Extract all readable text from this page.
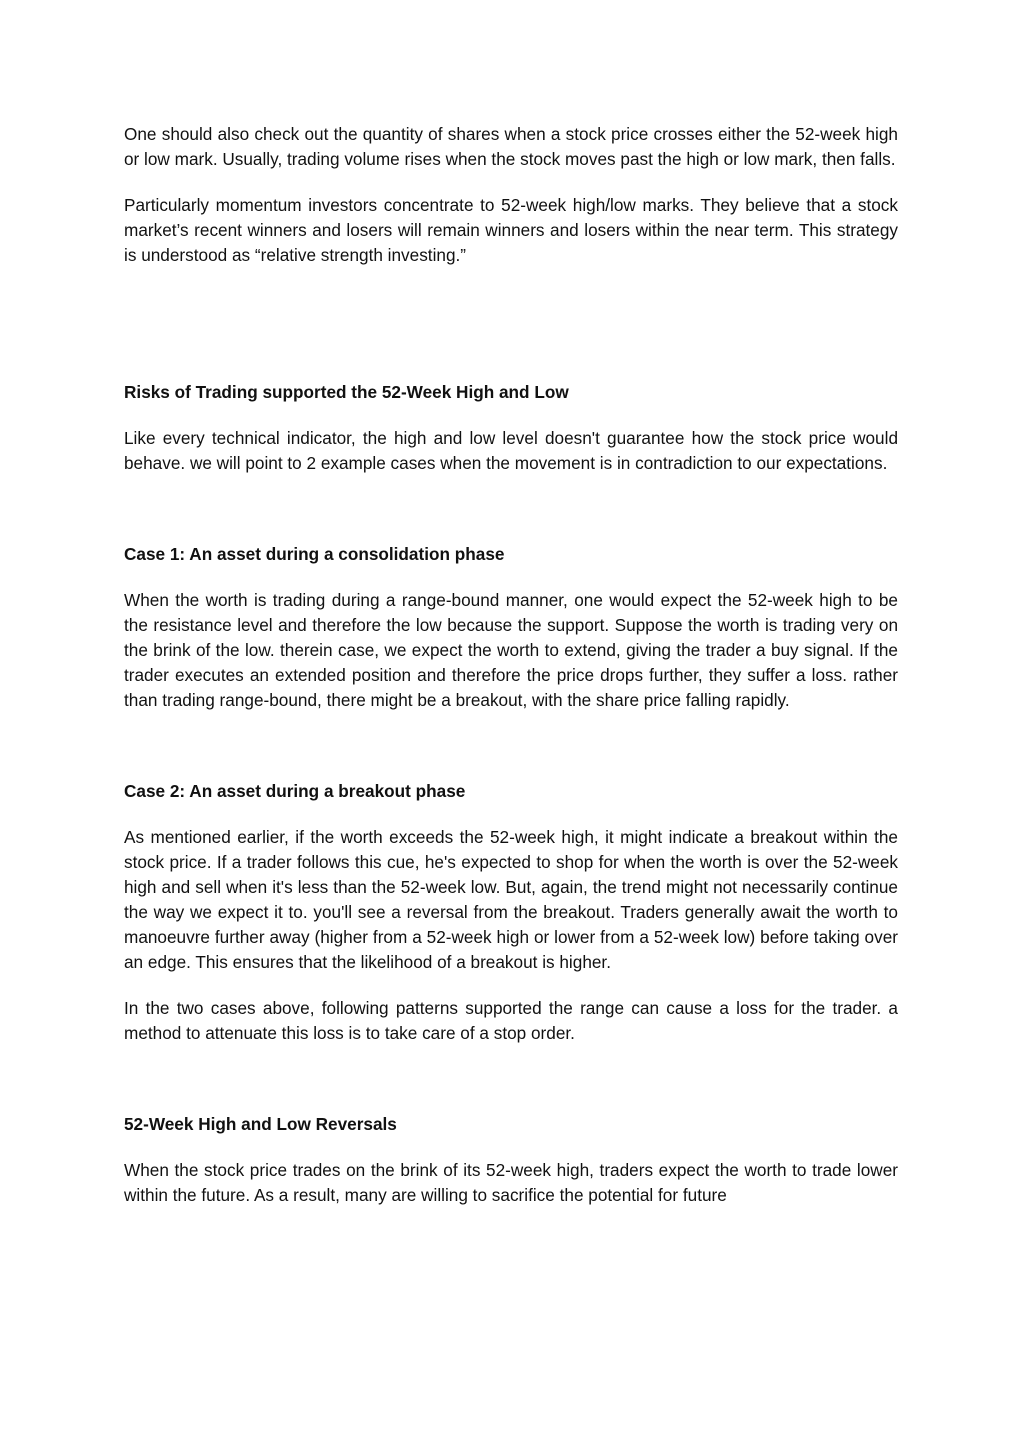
One should also check out the quantity of shares when a stock price crosses either the 52-week high or low mark. Usually, trading volume rises when the stock moves past the high or low mark, then falls.

Particularly momentum investors concentrate to 52-week high/low marks. They believe that a stock market’s recent winners and losers will remain winners and losers within the near term. This strategy is understood as “relative strength investing.”

Risks of Trading supported the 52-Week High and Low

Like every technical indicator, the high and low level doesn't guarantee how the stock price would behave. we will point to 2 example cases when the movement is in contradiction to our expectations.

Case 1: An asset during a consolidation phase

When the worth is trading during a range-bound manner, one would expect the 52-week high to be the resistance level and therefore the low because the support. Suppose the worth is trading very on the brink of the low. therein case, we expect the worth to extend, giving the trader a buy signal. If the trader executes an extended position and therefore the price drops further, they suffer a loss. rather than trading range-bound, there might be a breakout, with the share price falling rapidly.

Case 2: An asset during a breakout phase

As mentioned earlier, if the worth exceeds the 52-week high, it might indicate a breakout within the stock price. If a trader follows this cue, he's expected to shop for when the worth is over the 52-week high and sell when it's less than the 52-week low. But, again, the trend might not necessarily continue the way we expect it to. you'll see a reversal from the breakout. Traders generally await the worth to manoeuvre further away (higher from a 52-week high or lower from a 52-week low) before taking over an edge. This ensures that the likelihood of a breakout is higher.

In the two cases above, following patterns supported the range can cause a loss for the trader. a method to attenuate this loss is to take care of a stop order.

52-Week High and Low Reversals

When the stock price trades on the brink of its 52-week high, traders expect the worth to trade lower within the future. As a result, many are willing to sacrifice the potential for future
